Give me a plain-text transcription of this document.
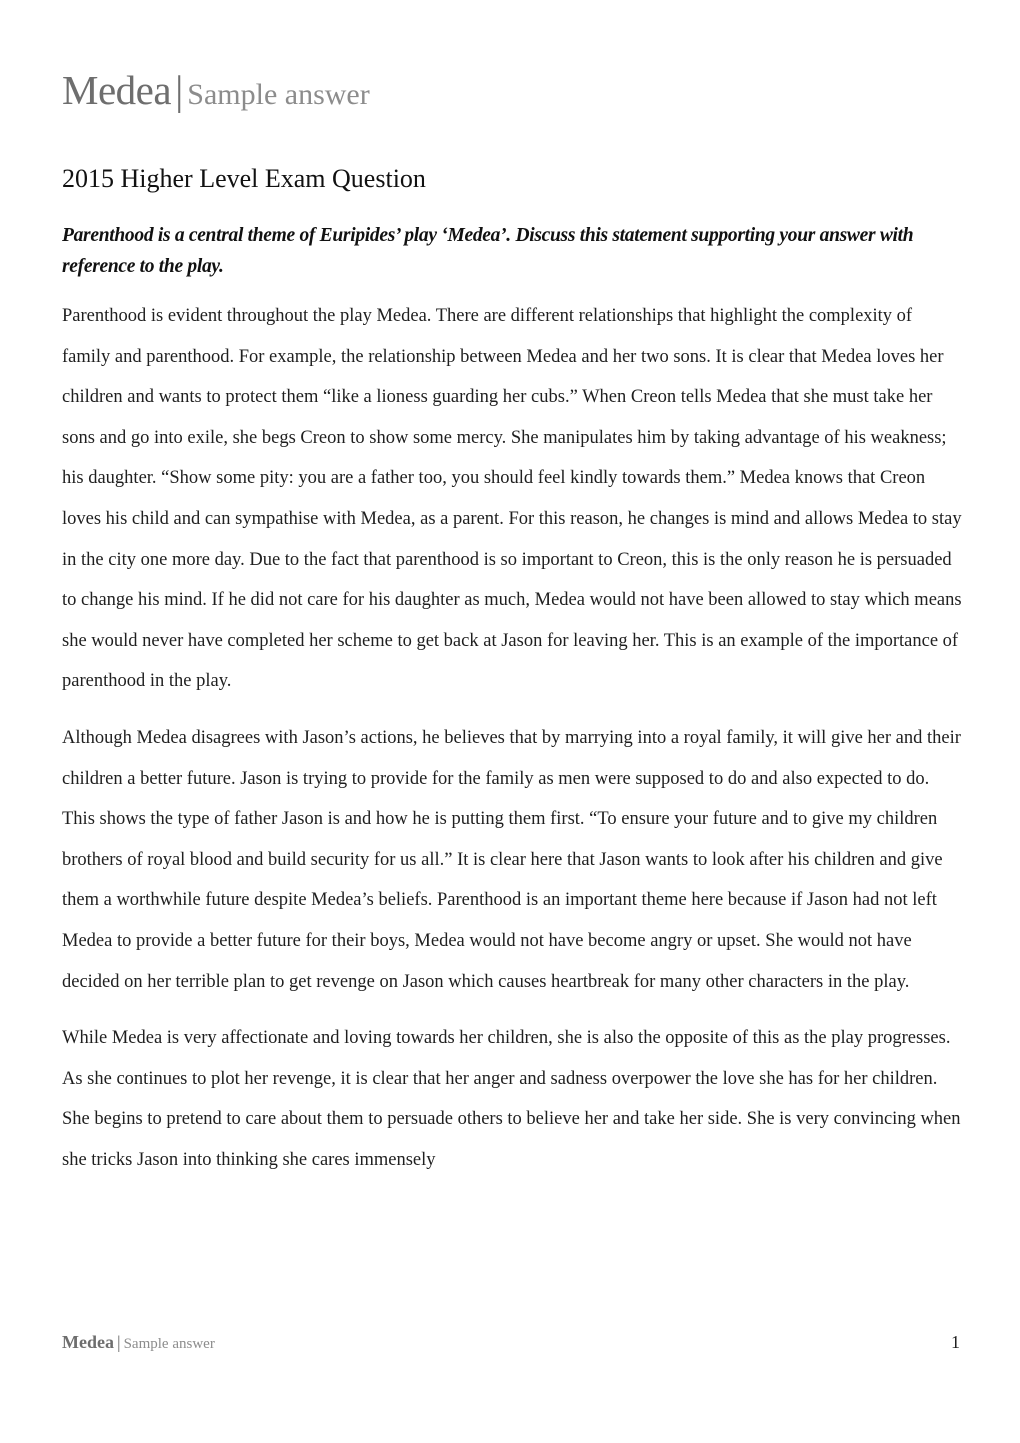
Medea| Sample answer
2015 Higher Level Exam Question

Parenthood is a central theme of Euripides’ play ‘Medea’. Discuss this statement supporting your answer with reference to the play.

Parenthood is evident throughout the play Medea. There are different relationships that highlight the complexity of family and parenthood. For example, the relationship between Medea and her two sons. It is clear that Medea loves her children and wants to protect them “like a lioness guarding her cubs.” When Creon tells Medea that she must take her sons and go into exile, she begs Creon to show some mercy. She manipulates him by taking advantage of his weakness; his daughter. “Show some pity: you are a father too, you should feel kindly towards them.” Medea knows that Creon loves his child and can sympathise with Medea, as a parent. For this reason, he changes is mind and allows Medea to stay in the city one more day. Due to the fact that parenthood is so important to Creon, this is the only reason he is persuaded to change his mind. If he did not care for his daughter as much, Medea would not have been allowed to stay which means she would never have completed her scheme to get back at Jason for leaving her. This is an example of the importance of parenthood in the play.

Although Medea disagrees with Jason’s actions, he believes that by marrying into a royal family, it will give her and their children a better future. Jason is trying to provide for the family as men were supposed to do and also expected to do. This shows the type of father Jason is and how he is putting them first. “To ensure your future and to give my children brothers of royal blood and build security for us all.” It is clear here that Jason wants to look after his children and give them a worthwhile future despite Medea’s beliefs. Parenthood is an important theme here because if Jason had not left Medea to provide a better future for their boys, Medea would not have become angry or upset. She would not have decided on her terrible plan to get revenge on Jason which causes heartbreak for many other characters in the play.

While Medea is very affectionate and loving towards her children, she is also the opposite of this as the play progresses. As she continues to plot her revenge, it is clear that her anger and sadness overpower the love she has for her children. She begins to pretend to care about them to persuade others to believe her and take her side. She is very convincing when she tricks Jason into thinking she cares immensely

Medea | Sample answer	1
